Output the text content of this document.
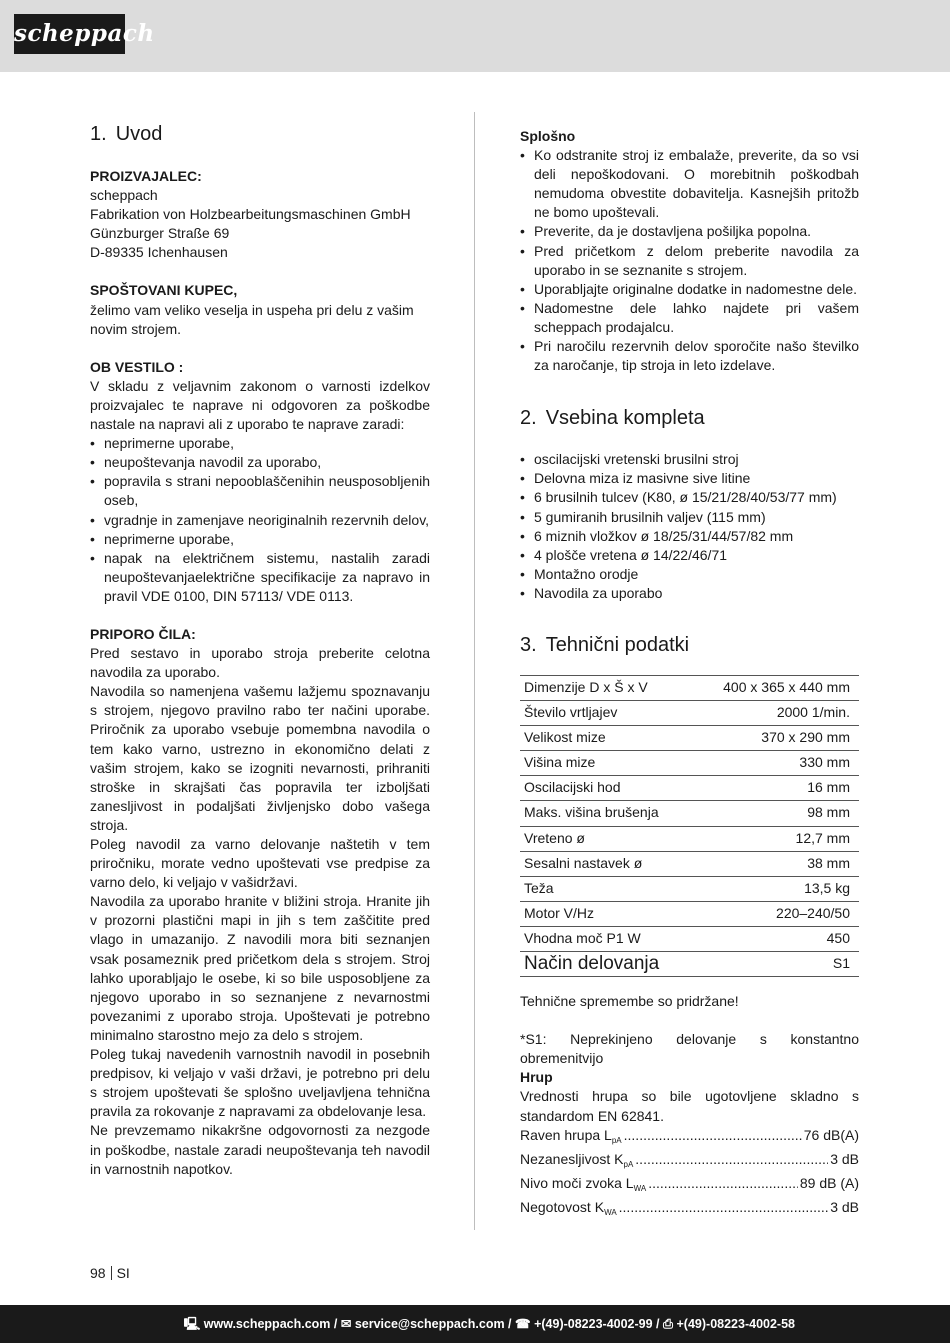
scheppach
1. Uvod
PROIZVAJALEC:
scheppach
Fabrikation von Holzbearbeitungsmaschinen GmbH
Günzburger Straße 69
D-89335 Ichenhausen
SPOŠTOVANI KUPEC,

želimo vam veliko veselja in uspeha pri delu z vašim novim strojem.

OB VESTILO :

V skladu z veljavnim zakonom o varnosti izdelkov proizvajalec te naprave ni odgovoren za poškodbe nastale na napravi ali z uporabo te naprave zaradi:

• neprimerne uporabe,
• neupoštevanja navodil za uporabo,
• popravila s strani nepooblaščenihin neusposobljenih oseb,
• vgradnje in zamenjave neoriginalnih rezervnih delov,
• neprimerne uporabe,
• napak na električnem sistemu, nastalih zaradi neupoštevanjaelektrične specifikacije za napravo in pravil VDE 0100, DIN 57113/ VDE 0113.
PRIPORO ČILA:

Pred sestavo in uporabo stroja preberite celotna navodila za uporabo.

Navodila so namenjena vašemu lažjemu spoznavanju s strojem, njegovo pravilno rabo ter načini uporabe. Priročnik za uporabo vsebuje pomembna navodila o tem kako varno, ustrezno in ekonomično delati z vašim strojem, kako se izogniti nevarnosti, prihraniti stroške in skrajšati čas popravila ter izboljšati zanesljivost in podaljšati življenjsko dobo vašega stroja.

Poleg navodil za varno delovanje naštetih v tem priročniku, morate vedno upoštevati vse predpise za varno delo, ki veljajo v vašidržavi.

Navodila za uporabo hranite v bližini stroja. Hranite jih v prozorni plastični mapi in jih s tem zaščitite pred vlago in umazanijo. Z navodili mora biti seznanjen vsak posameznik pred pričetkom dela s strojem. Stroj lahko uporabljajo le osebe, ki so bile usposobljene za njegovo uporabo in so seznanjene z nevarnostmi povezanimi z uporabo stroja. Upoštevati je potrebno minimalno starostno mejo za delo s strojem.

Poleg tukaj navedenih varnostnih navodil in posebnih predpisov, ki veljajo v vaši državi, je potrebno pri delu s strojem upoštevati še splošno uveljavljena tehnična pravila za rokovanje z napravami za obdelovanje lesa.

Ne prevzemamo nikakršne odgovornosti za nezgode in poškodbe, nastale zaradi neupoštevanja teh navodil in varnostnih napotkov.

Splošno
• Ko odstranite stroj iz embalaže, preverite, da so vsi deli nepoškodovani. O morebitnih poškodbah nemudoma obvestite dobavitelja. Kasnejših pritožb ne bomo upoštevali.
• Preverite, da je dostavljena pošiljka popolna.
• Pred pričetkom z delom preberite navodila za uporabo in se seznanite s strojem.
• Uporabljajte originalne dodatke in nadomestne dele.
• Nadomestne dele lahko najdete pri vašem scheppach prodajalcu.
• Pri naročilu rezervnih delov sporočite našo številko za naročanje, tip stroja in leto izdelave.
2. Vsebina kompleta
• oscilacijski vretenski brusilni stroj
• Delovna miza iz masivne sive litine
• 6 brusilnih tulcev (K80, ø 15/21/28/40/53/77 mm)
• 5 gumiranih brusilnih valjev (115 mm)
• 6 miznih vložkov ø 18/25/31/44/57/82 mm
• 4 plošče vretena ø 14/22/46/71
• Montažno orodje
• Navodila za uporabo
3. Tehnični podatki
Dimenzije D x Š x V	400 x 365 x 440 mm
Število vrtljajev	2000 1/min.
Velikost mize	370 x 290 mm
Višina mize	330 mm
Oscilacijski hod	16 mm
Maks. višina brušenja	98 mm
Vreteno ø	12,7 mm
Sesalni nastavek ø	38 mm
Teža	13,5 kg
Motor V/Hz	220–240/50
Vhodna moč P1 W	450
Način delovanja	S1

Tehnične spremembe so pridržane!

*S1: Neprekinjeno delovanje s konstantno obremenitvijo

Hrup

Vrednosti hrupa so bile ugotovljene skladno s standardom EN 62841.

Raven hrupa $L_{pA}$ .....	76 dB(A)
Nezanesljivost $K_{pA}$ .....	3 dB
Nivo moči zvoka $L_{WA}$ .....	89 dB (A)
Negotovost $K_{WA}$ .....	3 dB
98 SI
🖳︎ www.scheppach.com / ✉︎ service@scheppach.com / ☎︎ +(49)-08223-4002-99 / ⎙ +(49)-08223-4002-58
